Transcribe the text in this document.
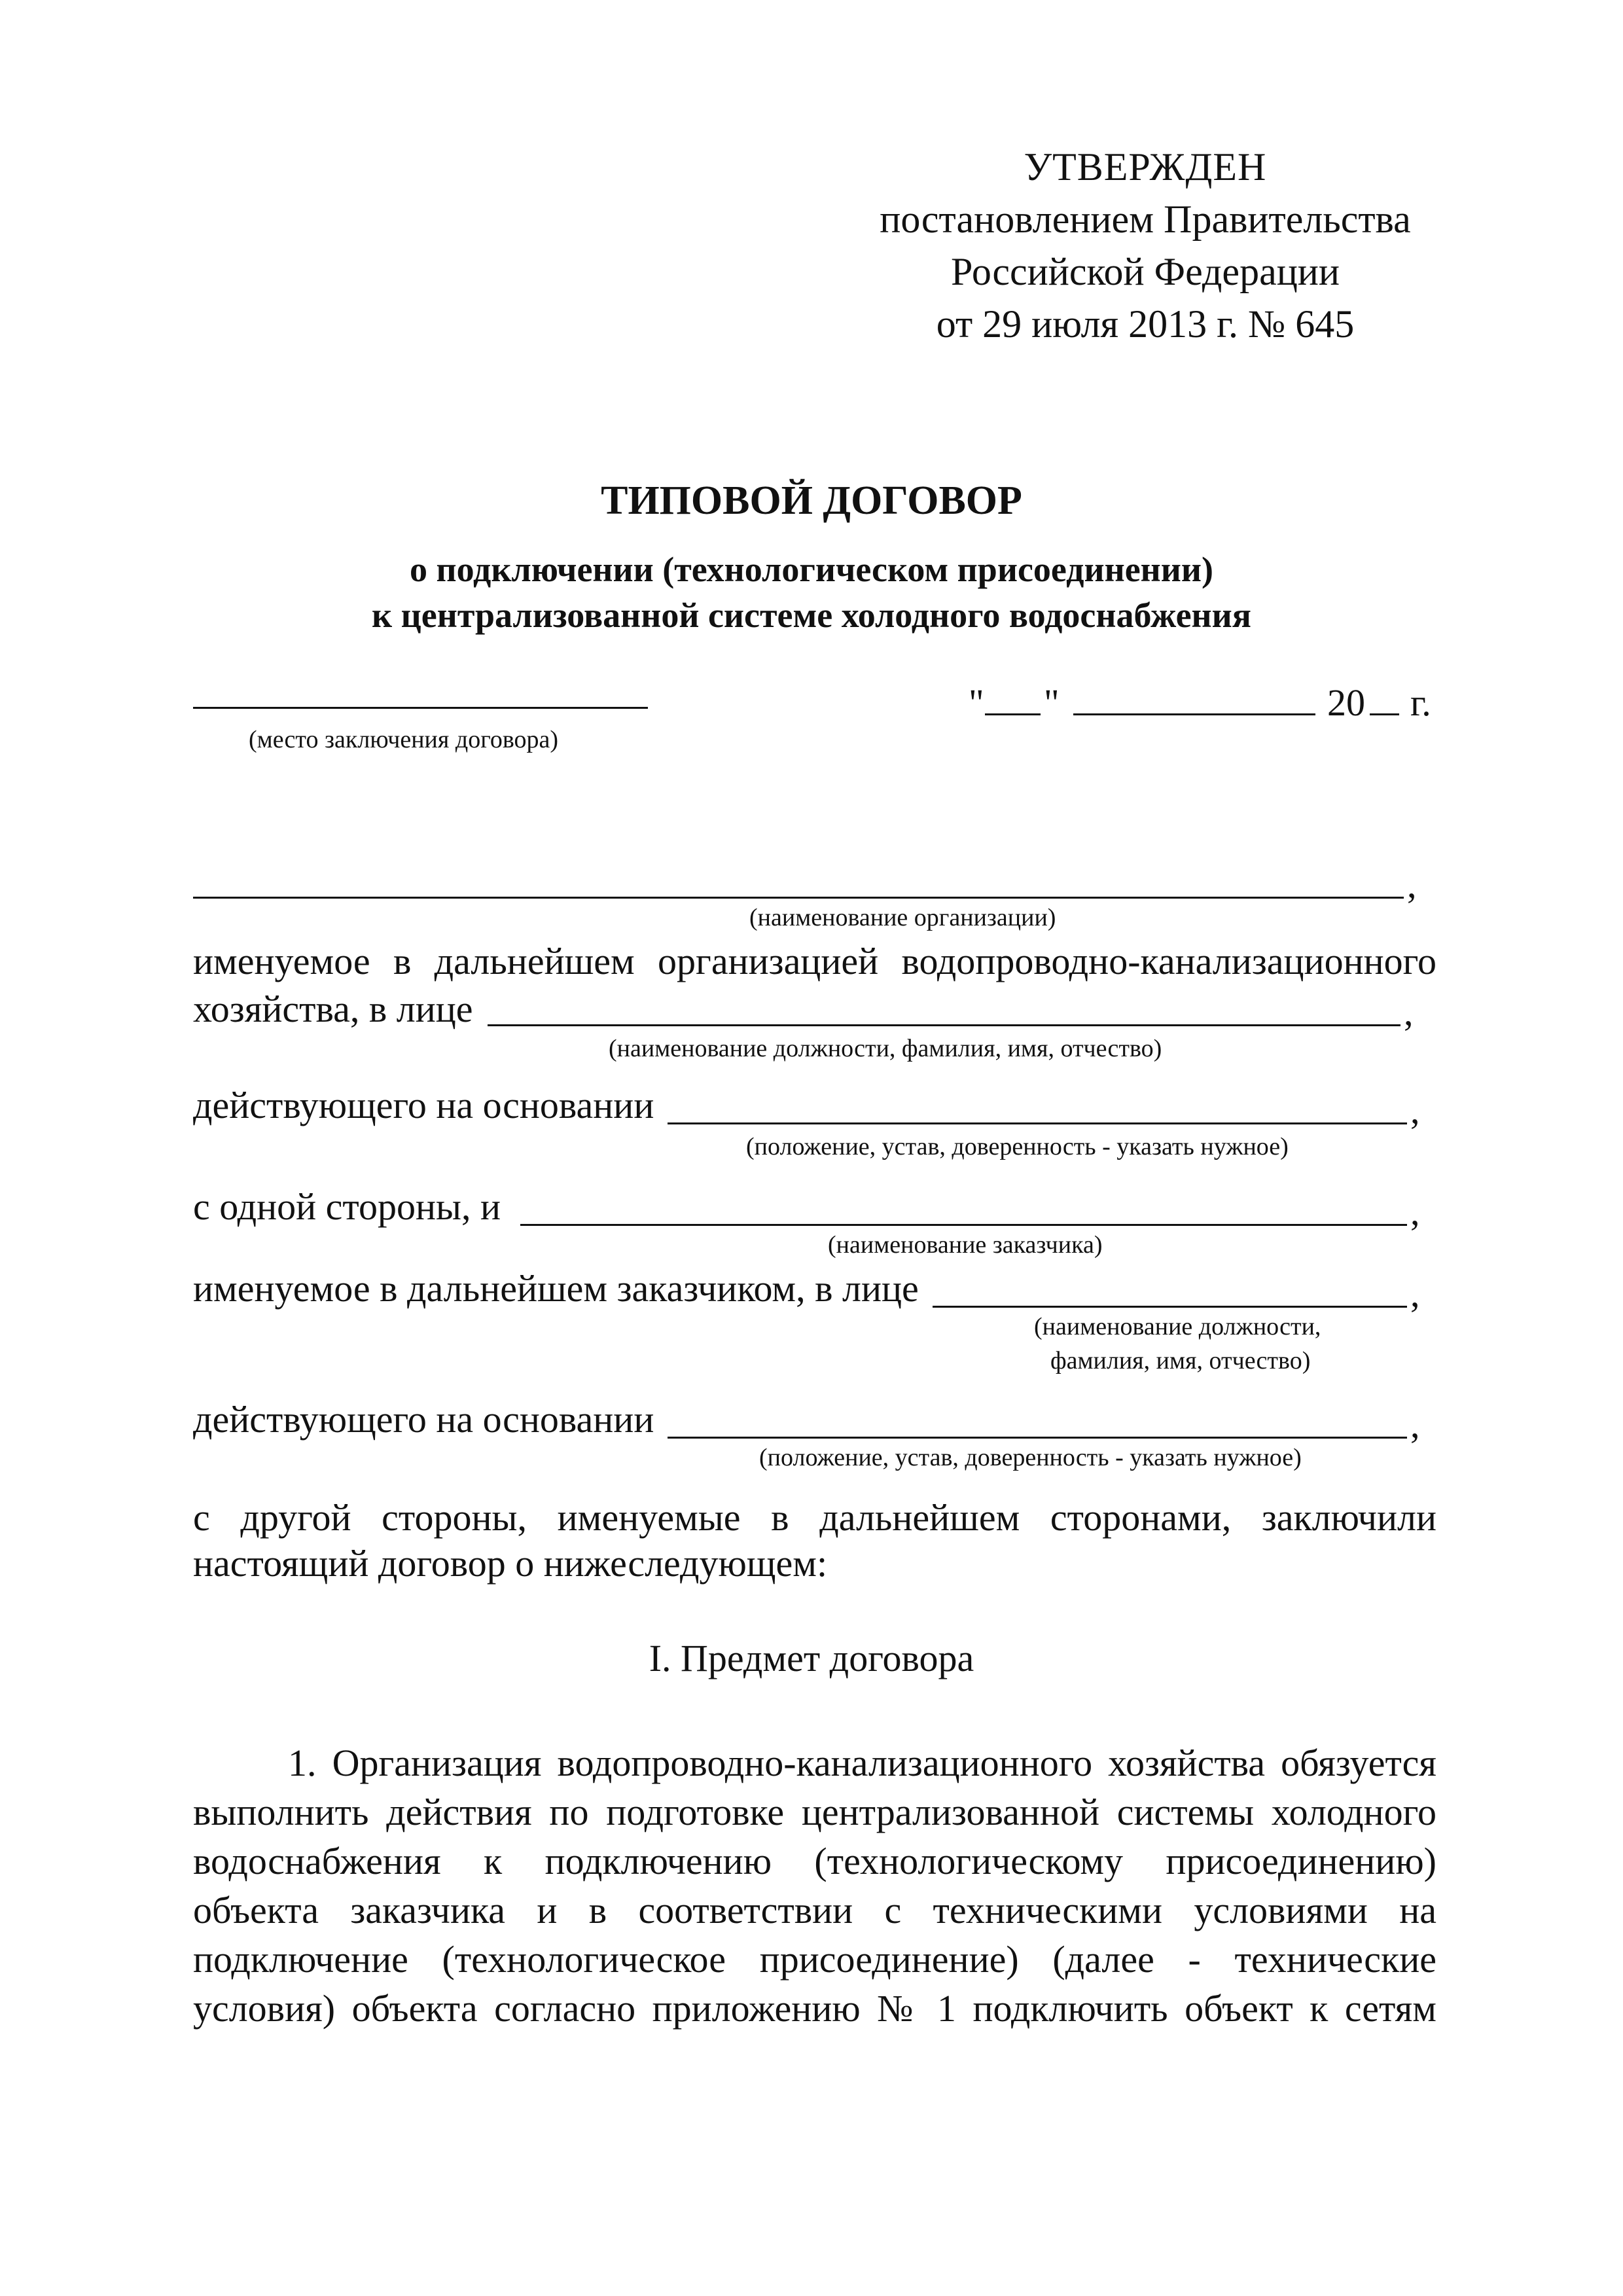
УТВЕРЖДЕН
постановлением Правительства
Российской Федерации
от 29 июля 2013 г. № 645
ТИПОВОЙ ДОГОВОР
о подключении (технологическом присоединении)
к централизованной системе холодного водоснабжения
(место заключения договора)
" "	20 г.
,
(наименование организации)
именуемое в дальнейшем организацией водопроводно-канализационного
хозяйства, в лице	,
(наименование должности, фамилия, имя, отчество)
действующего на основании	,
(положение, устав, доверенность - указать нужное)
с одной стороны, и	,
(наименование заказчика)
именуемое в дальнейшем заказчиком, в лице	,
(наименование должности,
фамилия, имя, отчество)
действующего на основании	,
(положение, устав, доверенность - указать нужное)
с другой стороны, именуемые в дальнейшем сторонами, заключили
настоящий договор о нижеследующем:
I. Предмет договора
1. Организация водопроводно-канализационного хозяйства обязуется
выполнить действия по подготовке централизованной системы холодного
водоснабжения к подключению (технологическому присоединению)
объекта заказчика и в соответствии с техническими условиями на
подключение (технологическое присоединение) (далее - технические
условия) объекта согласно приложению № 1 подключить объект к сетям
